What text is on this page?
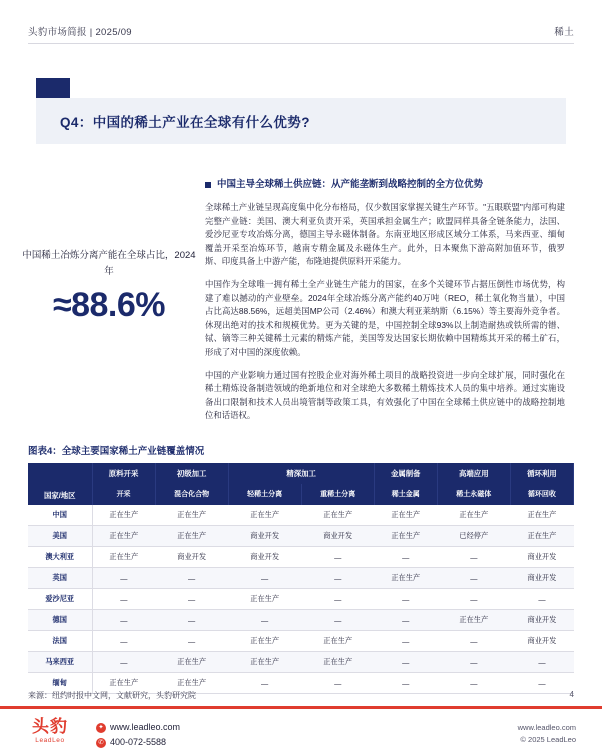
头豹市场简报 | 2025/09	稀土
Q4：中国的稀土产业在全球有什么优势?
中国稀土冶炼分离产能在全球占比，2024年
≈88.6%
中国主导全球稀土供应链：从产能垄断到战略控制的全方位优势

全球稀土产业链呈现高度集中化分布格局，仅少数国家掌握关键生产环节。"五眼联盟"内部可构建完整产业链：美国、澳大利亚负责开采，英国承担金属生产；欧盟同样具备全链条能力，法国、爱沙尼亚专攻冶炼分离，德国主导永磁体制备。东南亚地区形成区域分工体系，马来西亚、缅甸覆盖开采至冶炼环节，越南专精金属及永磁体生产。此外，日本聚焦下游高附加值环节，俄罗斯、印度具备上中游产能，布隆迪提供原料开采能力。

中国作为全球唯一拥有稀土全产业链生产能力的国家，在多个关键环节占据压倒性市场优势，构建了难以撼动的产业壁垒。2024年全球冶炼分离产能约40万吨（REO，稀土氧化物当量），中国占比高达88.56%，远超美国MP公司（2.46%）和澳大利亚莱纳斯（6.15%）等主要海外竞争者。休现出绝对的技术和规模优势。更为关键的是，中国控制全球93%以上制造耐热或铁所需的镨、铽、镝等三种关键稀土元素的精炼产能，美国等发达国家长期依赖中国精炼其开采的稀土矿石，形成了对中国的深度依赖。

中国的产业影响力通过国有控股企业对海外稀土项目的战略投资进一步向全球扩展，同时强化在稀土精炼设备制造领域的绝新地位和对全球绝大多数稀土精炼技术人员的集中培养。通过实施设备出口限制和技术人员出境管制等政策工具，有效强化了中国在全球稀土供应链中的战略控制地位和话语权。

图表4：全球主要国家稀土产业链覆盖情况
国家/地区	原料开采	初级加工	精深加工		金属制备	高端应用	循环利用
	开采	混合化合物	轻稀土分离	重稀土分离	稀土金属	稀土永磁体	循环回收
中国	正在生产	正在生产	正在生产	正在生产	正在生产	正在生产	正在生产
美国	正在生产	正在生产	商业开发	商业开发	正在生产	已经停产	正在生产
澳大利亚	正在生产	商业开发	商业开发	—	—	—	商业开发
英国	—	—	—	—	正在生产	—	商业开发
爱沙尼亚	—	—	正在生产	—	—	—	—
德国	—	—	—	—	—	正在生产	商业开发
法国	—	—	正在生产	正在生产	—	—	商业开发
马来西亚	—	正在生产	正在生产	正在生产	—	—	—
缅甸	正在生产	正在生产	—	—	—	—	—
来源：纽约时报中文网，文献研究，头豹研究院	4
头豹
LeadLeo
✦ www.leadleo.com
✆ 400-072-5588
www.leadleo.com
© 2025 LeadLeo
